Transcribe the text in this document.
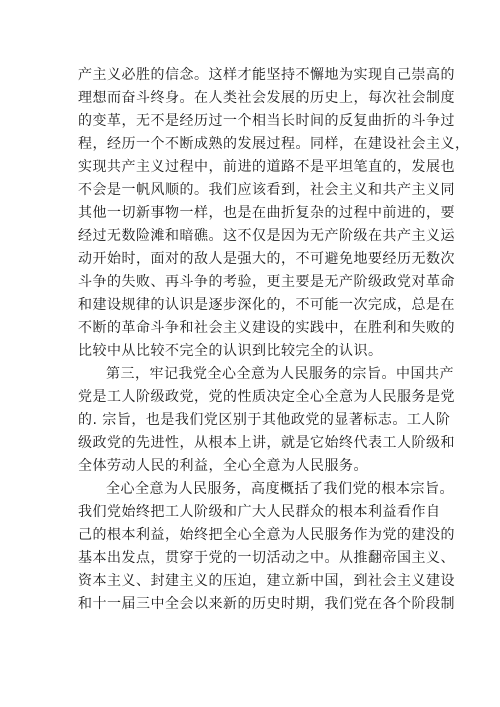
产主义必胜的信念。这样才能坚持不懈地为实现自己崇高的
理想而奋斗终身。在人类社会发展的历史上，每次社会制度
的变革，无不是经历过一个相当长时间的反复曲折的斗争过
程，经历一个不断成熟的发展过程。同样，在建设社会主义，
实现共产主义过程中，前进的道路不是平坦笔直的，发展也
不会是一帆风顺的。我们应该看到，社会主义和共产主义同
其他一切新事物一样，也是在曲折复杂的过程中前进的，要
经过无数险滩和暗礁。这不仅是因为无产阶级在共产主义运
动开始时，面对的敌人是强大的，不可避免地要经历无数次
斗争的失败、再斗争的考验，更主要是无产阶级政党对革命
和建设规律的认识是逐步深化的，不可能一次完成，总是在
不断的革命斗争和社会主义建设的实践中，在胜利和失败的
比较中从比较不完全的认识到比较完全的认识。
第三，牢记我党全心全意为人民服务的宗旨。中国共产
党是工人阶级政党，党的性质决定全心全意为人民服务是党
的. 宗旨，也是我们党区别于其他政党的显著标志。工人阶
级政党的先进性，从根本上讲，就是它始终代表工人阶级和
全体劳动人民的利益，全心全意为人民服务。
全心全意为人民服务，高度概括了我们党的根本宗旨。
我们党始终把工人阶级和广大人民群众的根本利益看作自
己的根本利益，始终把全心全意为人民服务作为党的建没的
基本出发点，贯穿于党的一切活动之中。从推翻帝国主义、
资本主义、封建主义的压迫，建立新中国，到社会主义建设
和十一届三中全会以来新的历史时期，我们党在各个阶段制
